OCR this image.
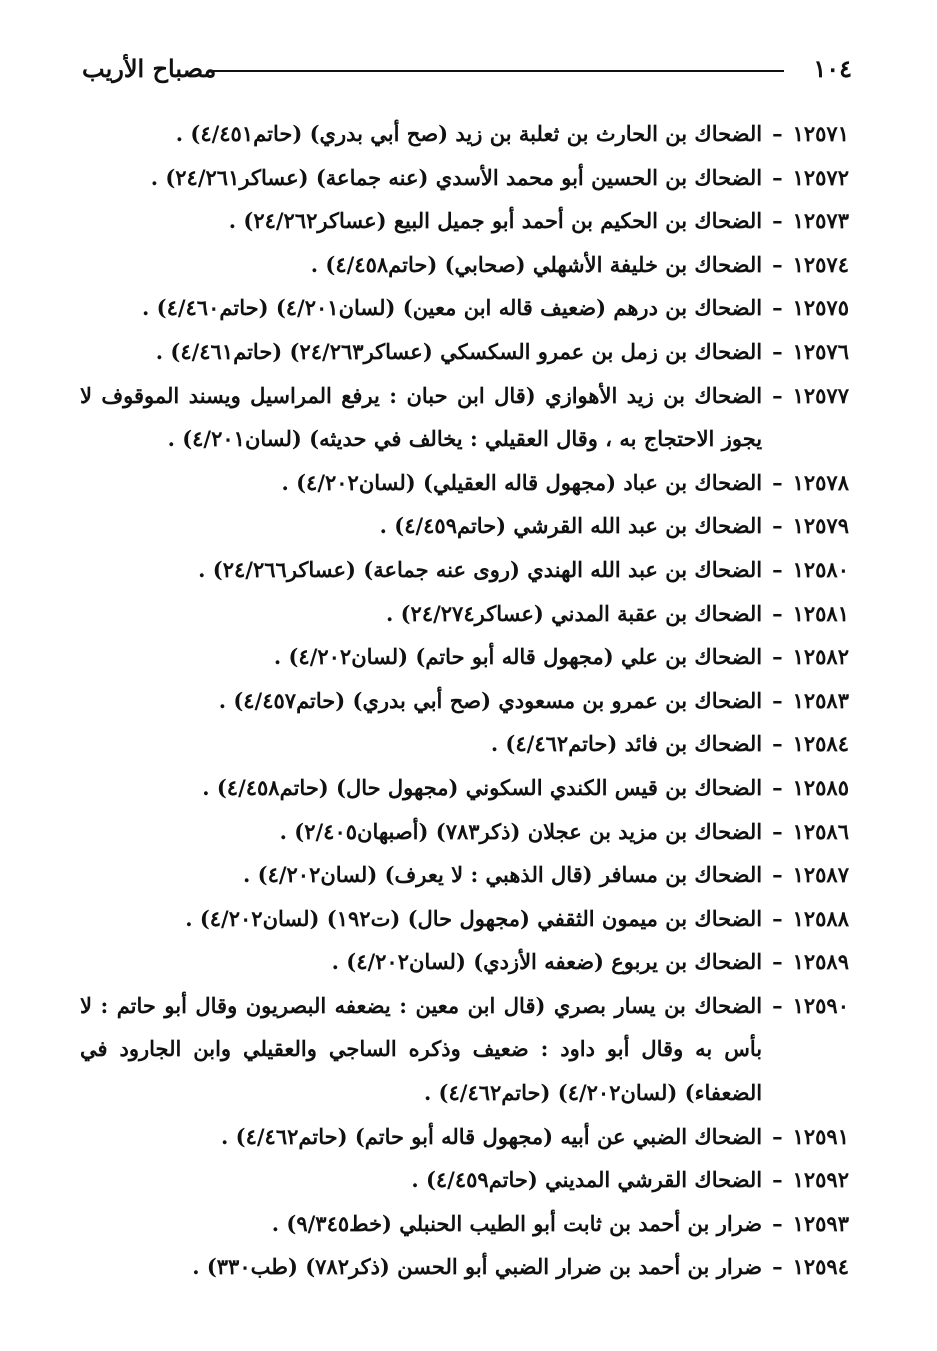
١٠٤
مصباح الأريب
١٢٥٧١
–
الضحاك بن الحارث بن ثعلبة بن زيد (صح أبي بدري) (حاتم٤/٤٥١) .
١٢٥٧٢
–
الضحاك بن الحسين أبو محمد الأسدي (عنه جماعة) (عساكر٢٤/٢٦١) .
١٢٥٧٣
–
الضحاك بن الحكيم بن أحمد أبو جميل البيع (عساكر٢٤/٢٦٢) .
١٢٥٧٤
–
الضحاك بن خليفة الأشهلي (صحابي) (حاتم٤/٤٥٨) .
١٢٥٧٥
–
الضحاك بن درهم (ضعيف قاله ابن معين) (لسان٤/٢٠١) (حاتم٤/٤٦٠) .
١٢٥٧٦
–
الضحاك بن زمل بن عمرو السكسكي (عساكر٢٤/٢٦٣) (حاتم٤/٤٦١) .
١٢٥٧٧
–
الضحاك بن زيد الأهوازي (قال ابن حبان : يرفع المراسيل ويسند الموقوف لا يجوز الاحتجاج به ، وقال العقيلي : يخالف في حديثه) (لسان٤/٢٠١) .
١٢٥٧٨
–
الضحاك بن عباد (مجهول قاله العقيلي) (لسان٤/٢٠٢) .
١٢٥٧٩
–
الضحاك بن عبد الله القرشي (حاتم٤/٤٥٩) .
١٢٥٨٠
–
الضحاك بن عبد الله الهندي (روى عنه جماعة) (عساكر٢٤/٢٦٦) .
١٢٥٨١
–
الضحاك بن عقبة المدني (عساكر٢٤/٢٧٤) .
١٢٥٨٢
–
الضحاك بن علي (مجهول قاله أبو حاتم) (لسان٤/٢٠٢) .
١٢٥٨٣
–
الضحاك بن عمرو بن مسعودي (صح أبي بدري) (حاتم٤/٤٥٧) .
١٢٥٨٤
–
الضحاك بن فائد (حاتم٤/٤٦٢) .
١٢٥٨٥
–
الضحاك بن قيس الكندي السكوني (مجهول حال) (حاتم٤/٤٥٨) .
١٢٥٨٦
–
الضحاك بن مزيد بن عجلان (ذكر٧٨٣) (أصبهان٢/٤٠٥) .
١٢٥٨٧
–
الضحاك بن مسافر (قال الذهبي : لا يعرف) (لسان٤/٢٠٢) .
١٢٥٨٨
–
الضحاك بن ميمون الثقفي (مجهول حال) (ت١٩٢) (لسان٤/٢٠٢) .
١٢٥٨٩
–
الضحاك بن يربوع (ضعفه الأزدي) (لسان٤/٢٠٢) .
١٢٥٩٠
–
الضحاك بن يسار بصري (قال ابن معين : يضعفه البصريون وقال أبو حاتم : لا بأس به وقال أبو داود : ضعيف وذكره الساجي والعقيلي وابن الجارود في الضعفاء) (لسان٤/٢٠٢) (حاتم٤/٤٦٢) .
١٢٥٩١
–
الضحاك الضبي عن أبيه (مجهول قاله أبو حاتم) (حاتم٤/٤٦٢) .
١٢٥٩٢
–
الضحاك القرشي المديني (حاتم٤/٤٥٩) .
١٢٥٩٣
–
ضرار بن أحمد بن ثابت أبو الطيب الحنبلي (خط٩/٣٤٥) .
١٢٥٩٤
–
ضرار بن أحمد بن ضرار الضبي أبو الحسن (ذكر٧٨٢) (طب٣٣٠) .
